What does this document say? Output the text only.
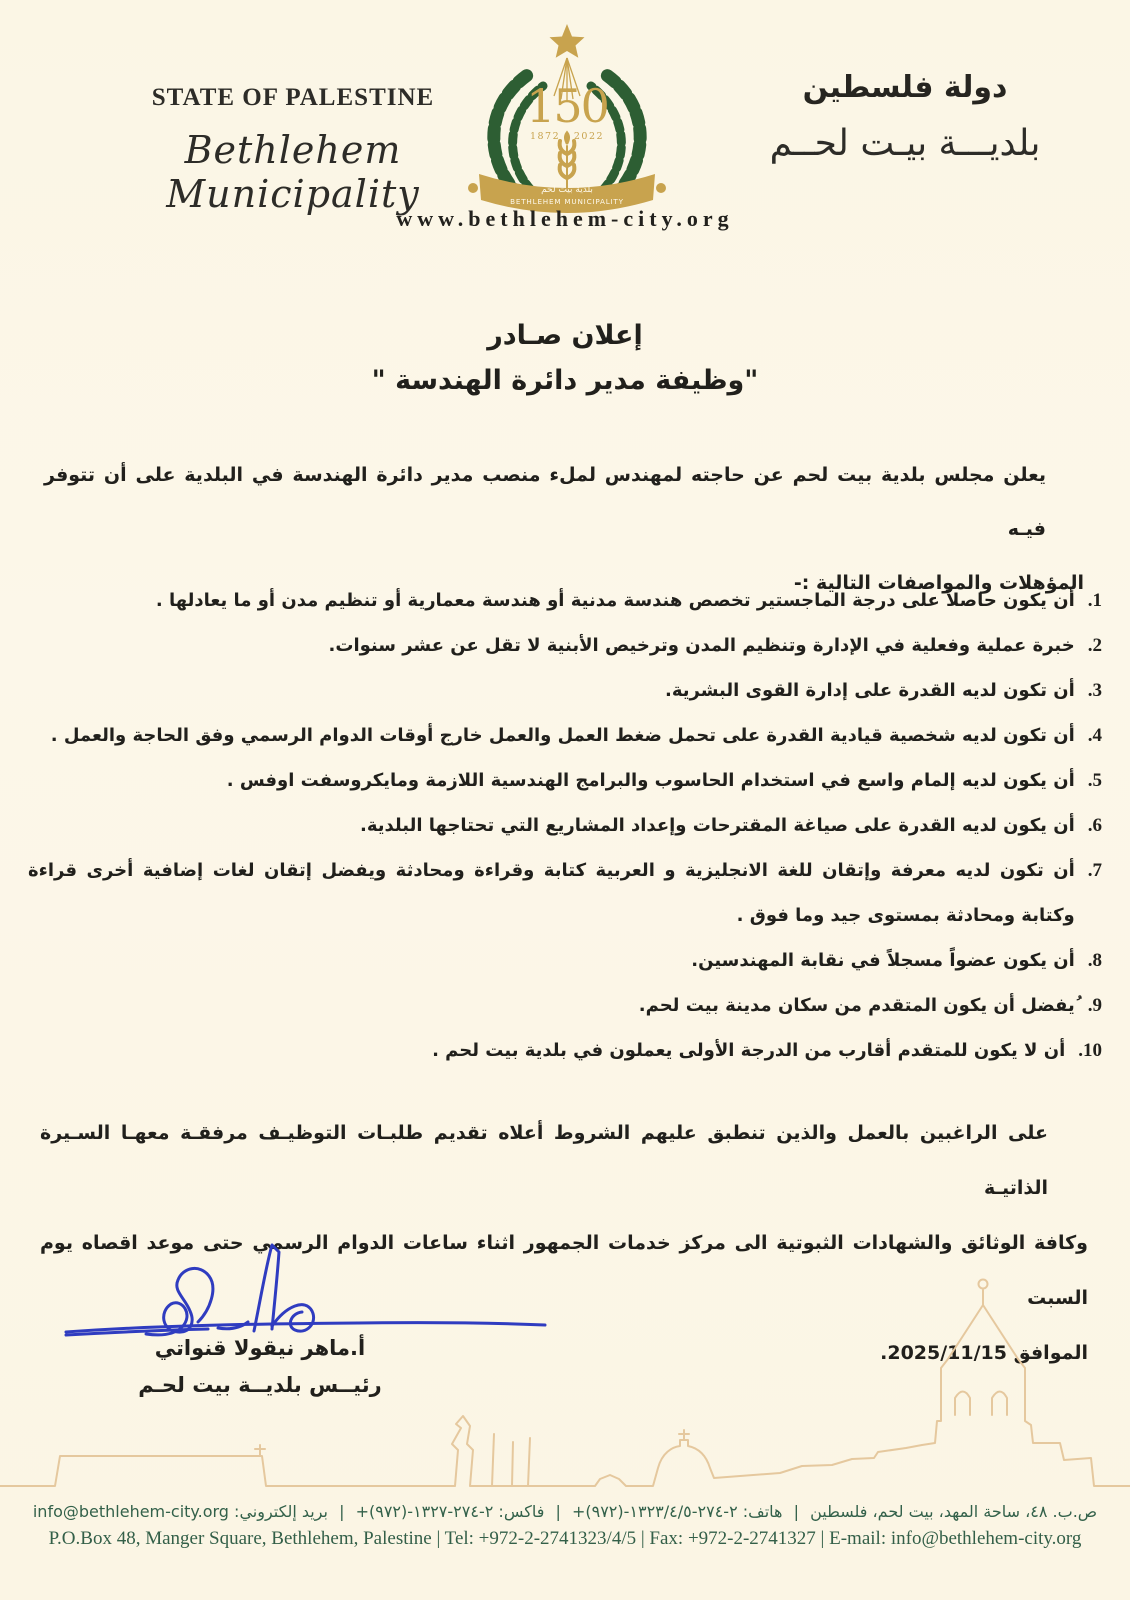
STATE OF PALESTINE
Bethlehem Municipality
150
1872 - 2022
بلدية بيت لحم
BETHLEHEM MUNICIPALITY
دولة فلسطين
بلديـــة بيـت لحــم
www.bethlehem-city.org
إعلان صـادر
"وظيفة مدير دائرة الهندسة "
يعلن مجلس بلدية بيت لحم عن حاجته لمهندس لملء منصب مدير دائرة الهندسة في البلدية على أن تتوفر فيـه
المؤهلات والمواصفات التالية :-
1.
أن يكون حاصلاً على درجة الماجستير تخصص هندسة مدنية أو هندسة معمارية أو تنظيم مدن أو ما يعادلها .
2.
خبرة عملية وفعلية في الإدارة وتنظيم المدن وترخيص الأبنية لا تقل عن عشر سنوات.
3.
أن تكون لديه القدرة على إدارة القوى البشرية.
4.
أن تكون لديه شخصية قيادية القدرة على تحمل ضغط العمل والعمل خارج أوقات الدوام الرسمي وفق الحاجة والعمل .
5.
أن يكون لديه إلمام واسع في استخدام الحاسوب والبرامج الهندسية اللازمة ومايكروسفت اوفس .
6.
أن يكون لديه القدرة على صياغة المقترحات وإعداد المشاريع التي تحتاجها البلدية.
7.
أن تكون لديه معرفة وإتقان للغة الانجليزية و العربية كتابة وقراءة ومحادثة ويفضل إتقان لغات إضافية أخرى قراءة وكتابة ومحادثة بمستوى جيد وما فوق .
8.
أن يكون عضواً مسجلاً في نقابة المهندسين.
9.
ُيفضل أن يكون المتقدم من سكان مدينة بيت لحم.
10.
أن لا يكون للمتقدم أقارب من الدرجة الأولى يعملون في بلدية بيت لحم .
على الراغبين بالعمل والذين تنطبق عليهم الشروط أعلاه تقديم طلبـات التوظيـف مرفقـة معهـا السـيرة الذاتيـة
وكافة الوثائق والشهادات الثبوتية الى مركز خدمات الجمهور اثناء ساعات الدوام الرسمي حتى موعد اقصاه يوم السبت
الموافق 2025/11/15.
أ.ماهر نيقولا قنواتي
رئيــس بلديــة بيت لحـم
ص.ب. ٤٨، ساحة المهد، بيت لحم، فلسطين | هاتف: +(٩٧٢)-٢-٢٧٤-١٣٢٣/٤/٥ | فاكس: +(٩٧٢)-٢-٢٧٤-١٣٢٧ | بريد إلكتروني: info@bethlehem-city.org
P.O.Box 48, Manger Square, Bethlehem, Palestine | Tel: +972-2-2741323/4/5 | Fax: +972-2-2741327 | E-mail: info@bethlehem-city.org
